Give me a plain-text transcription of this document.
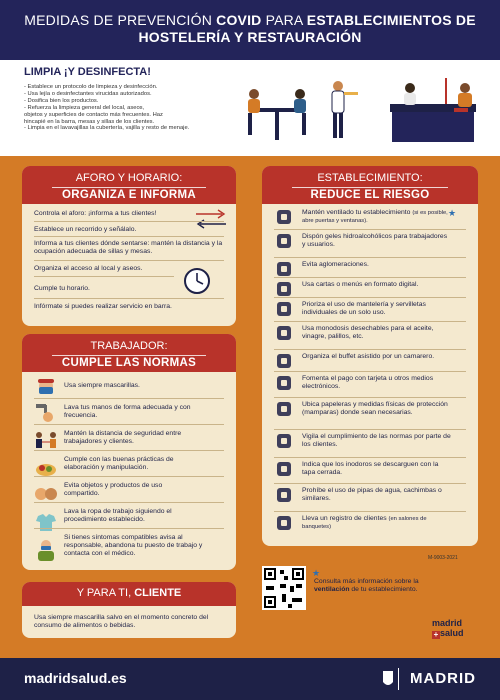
MEDIDAS DE PREVENCIÓN COVID PARA ESTABLECIMIENTOS DE
HOSTELERÍA Y RESTAURACIÓN
LIMPIA ¡Y DESINFECTA!
- Establece un protocolo de limpieza y desinfección.
- Usa lejía o desinfectantes virucidas autorizados.
- Dosifica bien los productos.
- Refuerza la limpieza general del local, aseos,
objetos y superficies de contacto más frecuentes. Haz
hincapié en la barra, mesas y sillas de los clientes.
- Limpia en el lavavajillas la cubertería, vajilla y resto de menaje.
AFORO Y HORARIO:
ORGANIZA E INFORMA
Controla el aforo: ¡informa a tus clientes!
Establece un recorrido y señálalo.
Informa a tus clientes dónde sentarse: mantén la distancia y la ocupación adecuada de sillas y mesas.
Organiza el acceso al local y aseos.
Cumple tu horario.
Infórmate si puedes realizar servicio en barra.
TRABAJADOR:
CUMPLE LAS NORMAS
Usa siempre mascarillas.
Lava tus manos de forma adecuada y con frecuencia.
Mantén la distancia de seguridad entre trabajadores y clientes.
Cumple con las buenas prácticas de elaboración y manipulación.
Evita objetos y productos de uso compartido.
Lava la ropa de trabajo siguiendo el procedimiento establecido.
Si tienes síntomas compatibles avisa al responsable, abandona tu puesto de trabajo y contacta con el médico.
Y PARA TI, CLIENTE
Usa siempre mascarilla salvo en el momento concreto del consumo de alimentos o bebidas.
ESTABLECIMIENTO:
REDUCE EL RIESGO
Mantén ventilado tu establecimiento (si es posible, abre puertas y ventanas).
★
Dispón geles hidroalcohólicos para trabajadores y usuarios.
Evita aglomeraciones.
Usa cartas o menús en formato digital.
Prioriza el uso de mantelería y servilletas individuales de un solo uso.
Usa monodosis desechables para el aceite, vinagre, palillos, etc.
Organiza el buffet asistido por un camarero.
Fomenta el pago con tarjeta u otros medios electrónicos.
Ubica papeleras y medidas físicas de protección (mamparas) donde sean necesarias.
Vigila el cumplimiento de las normas por parte de los clientes.
Indica que los inodoros se descarguen con la tapa cerrada.
Prohíbe el uso de pipas de agua, cachimbas o similares.
Lleva un registro de clientes (en salones de banquetes)
M-9003-2021
★
Consulta más información sobre la ventilación de tu establecimiento.
madrid
+ salud
madridsalud.es	MADRID
